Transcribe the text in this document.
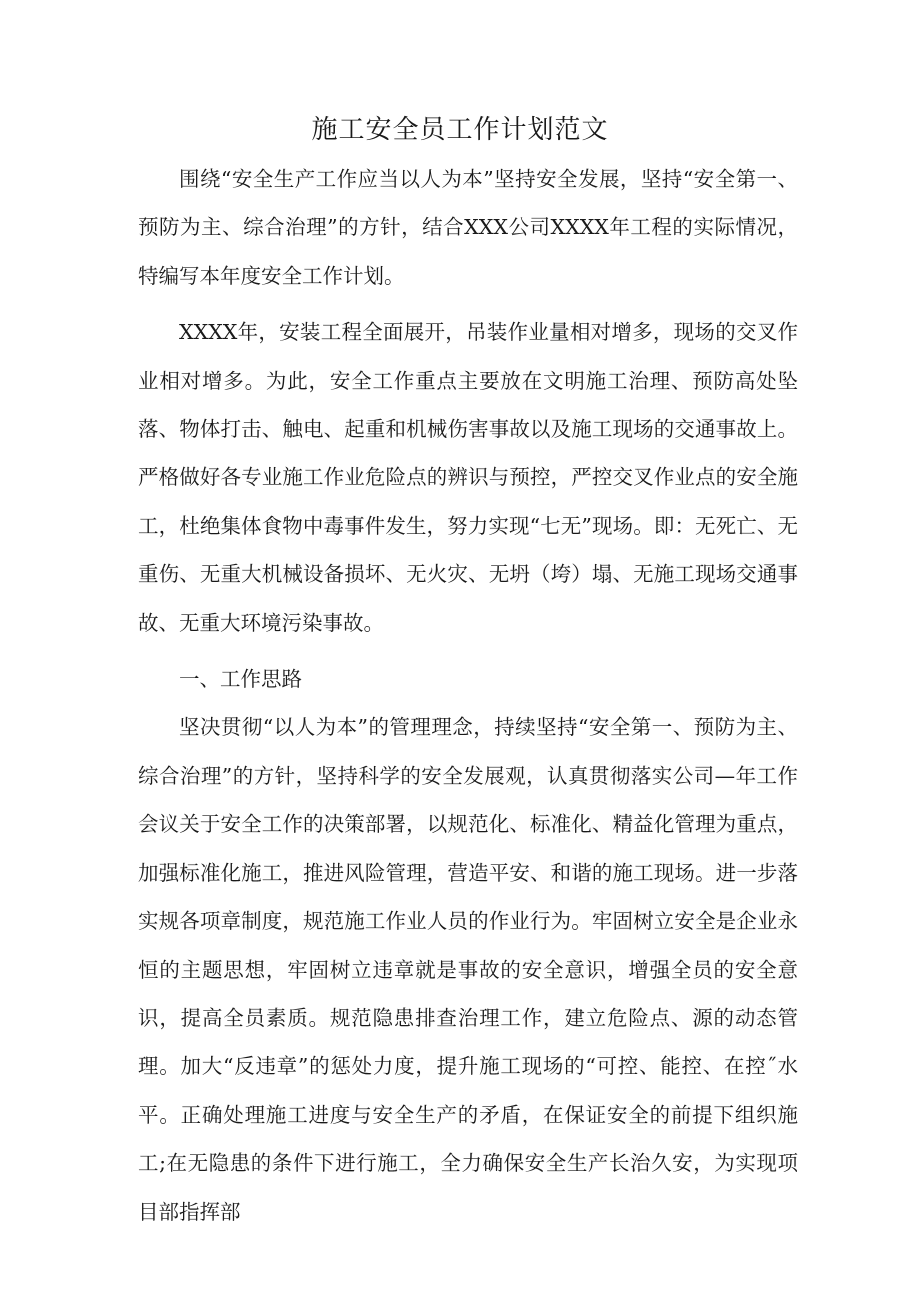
施工安全员工作计划范文

围绕“安全生产工作应当以人为本”坚持安全发展，坚持“安全第一、预防为主、综合治理”的方针，结合XXX公司XXXX年工程的实际情况，特编写本年度安全工作计划。

XXXX年，安装工程全面展开，吊装作业量相对增多，现场的交叉作业相对增多。为此，安全工作重点主要放在文明施工治理、预防高处坠落、物体打击、触电、起重和机械伤害事故以及施工现场的交通事故上。严格做好各专业施工作业危险点的辨识与预控，严控交叉作业点的安全施工，杜绝集体食物中毒事件发生，努力实现“七无”现场。即：无死亡、无重伤、无重大机械设备损坏、无火灾、无坍（垮）塌、无施工现场交通事故、无重大环境污染事故。

一、工作思路

坚决贯彻“以人为本”的管理理念，持续坚持“安全第一、预防为主、综合治理”的方针，坚持科学的安全发展观，认真贯彻落实公司—年工作会议关于安全工作的决策部署，以规范化、标准化、精益化管理为重点，加强标准化施工，推进风险管理，营造平安、和谐的施工现场。进一步落实规各项章制度，规范施工作业人员的作业行为。牢固树立安全是企业永恒的主题思想，牢固树立违章就是事故的安全意识，增强全员的安全意识，提高全员素质。规范隐患排查治理工作，建立危险点、源的动态管理。加大“反违章”的惩处力度，提升施工现场的“可控、能控、在控˝水平。正确处理施工进度与安全生产的矛盾，在保证安全的前提下组织施工;在无隐患的条件下进行施工，全力确保安全生产长治久安，为实现项目部指挥部
